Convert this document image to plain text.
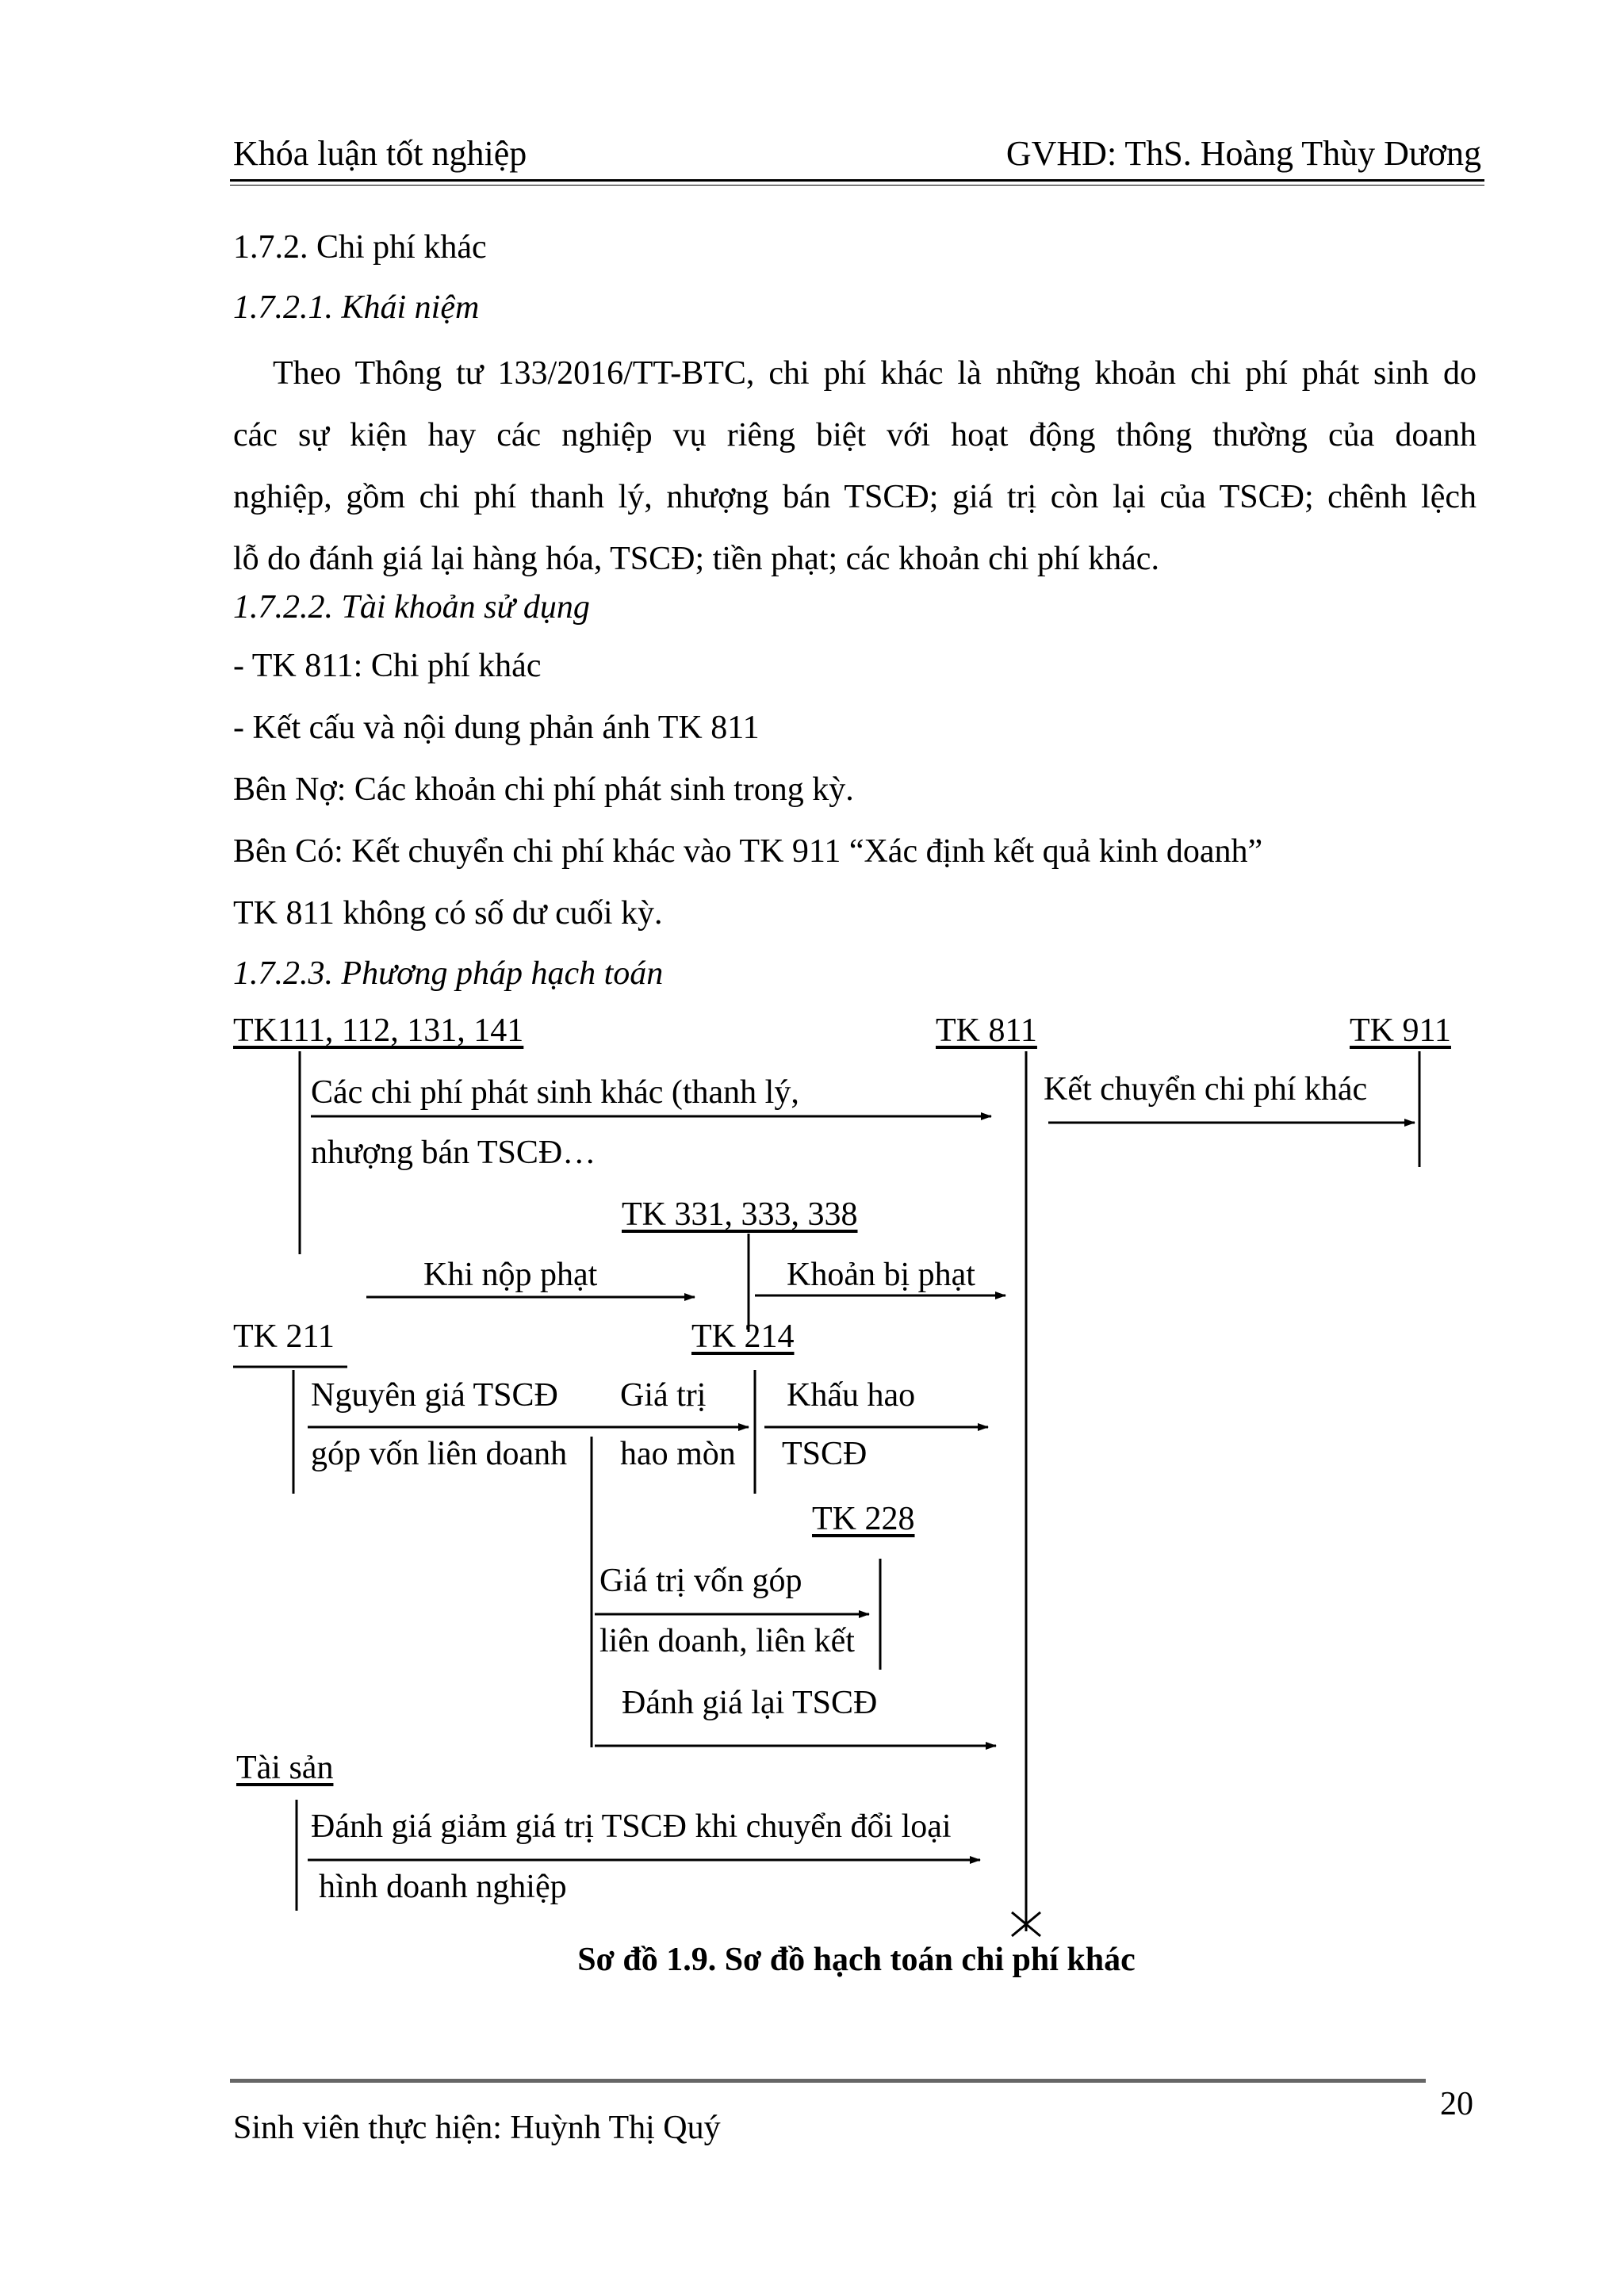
Khóa luận tốt nghiệp	GVHD: ThS. Hoàng Thùy Dương
1.7.2. Chi phí khác
1.7.2.1. Khái niệm
Theo Thông tư 133/2016/TT-BTC, chi phí khác là những khoản chi phí phát sinh do
các sự kiện hay các nghiệp vụ riêng biệt với hoạt động thông thường của doanh
nghiệp, gồm chi phí thanh lý, nhượng bán TSCĐ; giá trị còn lại của TSCĐ; chênh lệch
lỗ do đánh giá lại hàng hóa, TSCĐ; tiền phạt; các khoản chi phí khác.
1.7.2.2. Tài khoản sử dụng
- TK 811: Chi phí khác
- Kết cấu và nội dung phản ánh TK 811
Bên Nợ: Các khoản chi phí phát sinh trong kỳ.
Bên Có: Kết chuyển chi phí khác vào TK 911 “Xác định kết quả kinh doanh”
TK 811 không có số dư cuối kỳ.
1.7.2.3. Phương pháp hạch toán
TK111, 112, 131, 141	TK 811	TK 911
Các chi phí phát sinh khác (thanh lý,
nhượng bán TSCĐ…
Kết chuyển chi phí khác
TK 331, 333, 338
Khi nộp phạt	Khoản bị phạt
TK 211	TK 214
Nguyên giá TSCĐ
góp vốn liên doanh
Giá trị
hao mòn
Khấu hao
TSCĐ
TK 228
Giá trị vốn góp
liên doanh, liên kết
Đánh giá lại TSCĐ
Tài sản
Đánh giá giảm giá trị TSCĐ khi chuyển đổi loại
hình doanh nghiệp
Sơ đồ 1.9. Sơ đồ hạch toán chi phí khác
20
Sinh viên thực hiện: Huỳnh Thị Quý
